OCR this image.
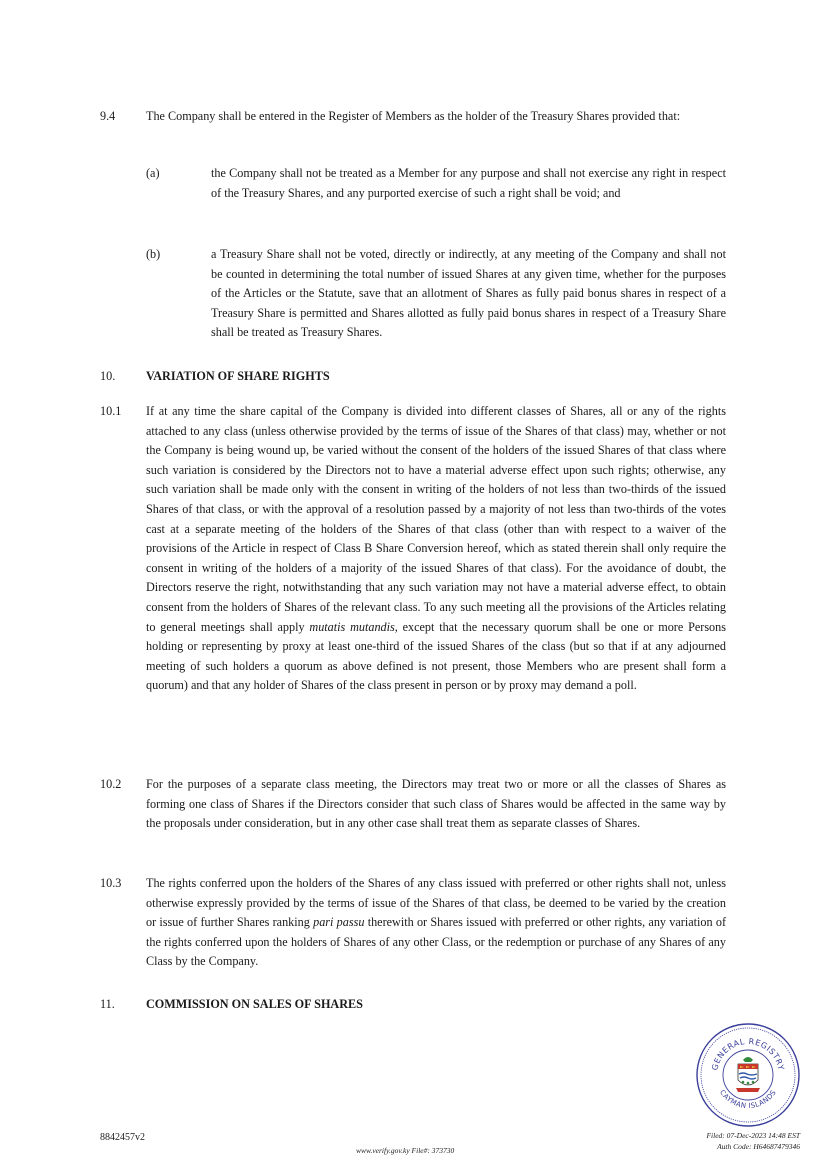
9.4	The Company shall be entered in the Register of Members as the holder of the Treasury Shares provided that:
(a)	the Company shall not be treated as a Member for any purpose and shall not exercise any right in respect of the Treasury Shares, and any purported exercise of such a right shall be void; and
(b)	a Treasury Share shall not be voted, directly or indirectly, at any meeting of the Company and shall not be counted in determining the total number of issued Shares at any given time, whether for the purposes of the Articles or the Statute, save that an allotment of Shares as fully paid bonus shares in respect of a Treasury Share is permitted and Shares allotted as fully paid bonus shares in respect of a Treasury Share shall be treated as Treasury Shares.
10.	VARIATION OF SHARE RIGHTS
10.1 If at any time the share capital of the Company is divided into different classes of Shares, all or any of the rights attached to any class (unless otherwise provided by the terms of issue of the Shares of that class) may, whether or not the Company is being wound up, be varied without the consent of the holders of the issued Shares of that class where such variation is considered by the Directors not to have a material adverse effect upon such rights; otherwise, any such variation shall be made only with the consent in writing of the holders of not less than two-thirds of the issued Shares of that class, or with the approval of a resolution passed by a majority of not less than two-thirds of the votes cast at a separate meeting of the holders of the Shares of that class (other than with respect to a waiver of the provisions of the Article in respect of Class B Share Conversion hereof, which as stated therein shall only require the consent in writing of the holders of a majority of the issued Shares of that class). For the avoidance of doubt, the Directors reserve the right, notwithstanding that any such variation may not have a material adverse effect, to obtain consent from the holders of Shares of the relevant class. To any such meeting all the provisions of the Articles relating to general meetings shall apply mutatis mutandis, except that the necessary quorum shall be one or more Persons holding or representing by proxy at least one-third of the issued Shares of the class (but so that if at any adjourned meeting of such holders a quorum as above defined is not present, those Members who are present shall form a quorum) and that any holder of Shares of the class present in person or by proxy may demand a poll.
10.2 For the purposes of a separate class meeting, the Directors may treat two or more or all the classes of Shares as forming one class of Shares if the Directors consider that such class of Shares would be affected in the same way by the proposals under consideration, but in any other case shall treat them as separate classes of Shares.
10.3 The rights conferred upon the holders of the Shares of any class issued with preferred or other rights shall not, unless otherwise expressly provided by the terms of issue of the Shares of that class, be deemed to be varied by the creation or issue of further Shares ranking pari passu therewith or Shares issued with preferred or other rights, any variation of the rights conferred upon the holders of Shares of any other Class, or the redemption or purchase of any Shares of any Class by the Company.
11.	COMMISSION ON SALES OF SHARES
GENERAL REGISTRY
CAYMAN ISLANDS
8842457v2
www.verify.gov.ky File#: 373730
Filed: 07-Dec-2023 14:48 EST
Auth Code: H64687479346
